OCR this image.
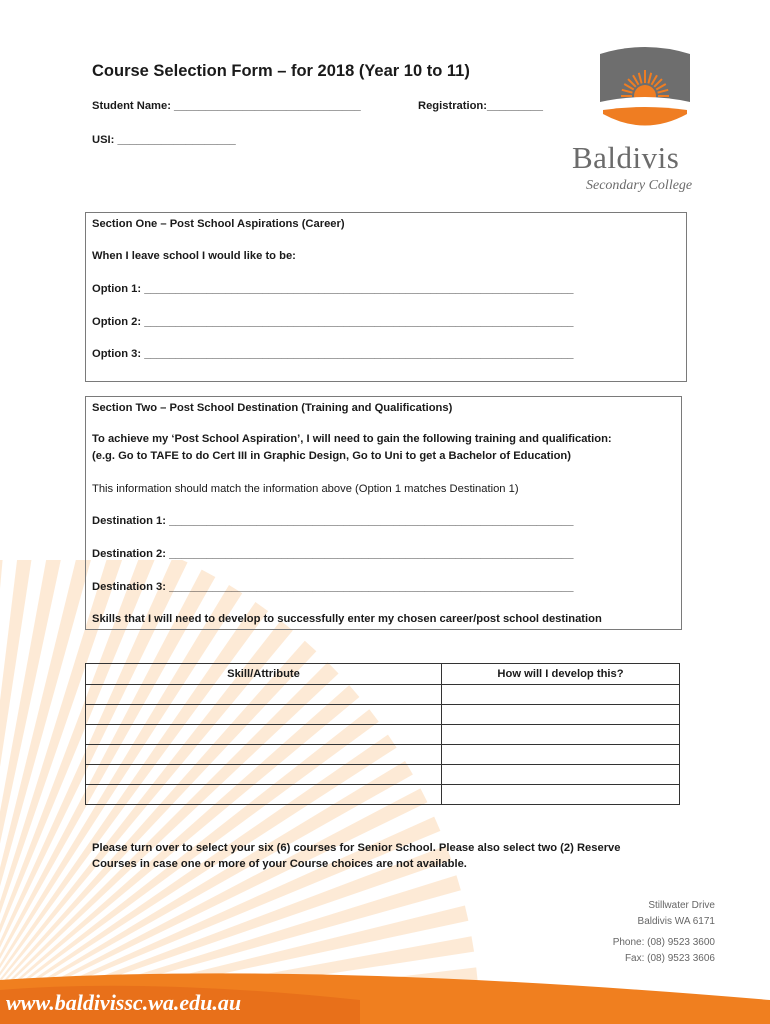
Course Selection Form – for 2018 (Year 10 to 11)
Student Name: ______________________________	Registration:_________
USI: ___________________	Baldivis
Secondary College
Section One – Post School Aspirations (Career)
When I leave school I would like to be:
Option 1: _____________________________________________________________________
Option 2: _____________________________________________________________________
Option 3: _____________________________________________________________________
Section Two – Post School Destination (Training and Qualifications)
To achieve my ‘Post School Aspiration’, I will need to gain the following training and qualification:
(e.g. Go to TAFE to do Cert III in Graphic Design, Go to Uni to get a Bachelor of Education)
This information should match the information above (Option 1 matches Destination 1)
Destination 1: _________________________________________________________________
Destination 2: _________________________________________________________________
Destination 3: _________________________________________________________________
Skills that I will need to develop to successfully enter my chosen career/post school destination
Skill/Attribute	How will I develop this?

Please turn over to select your six (6) courses for Senior School. Please also select two (2) Reserve
Courses in case one or more of your Course choices are not available.
Stillwater Drive
Baldivis WA 6171
Phone: (08) 9523 3600
Fax: (08) 9523 3606
www.baldivissc.wa.edu.au
